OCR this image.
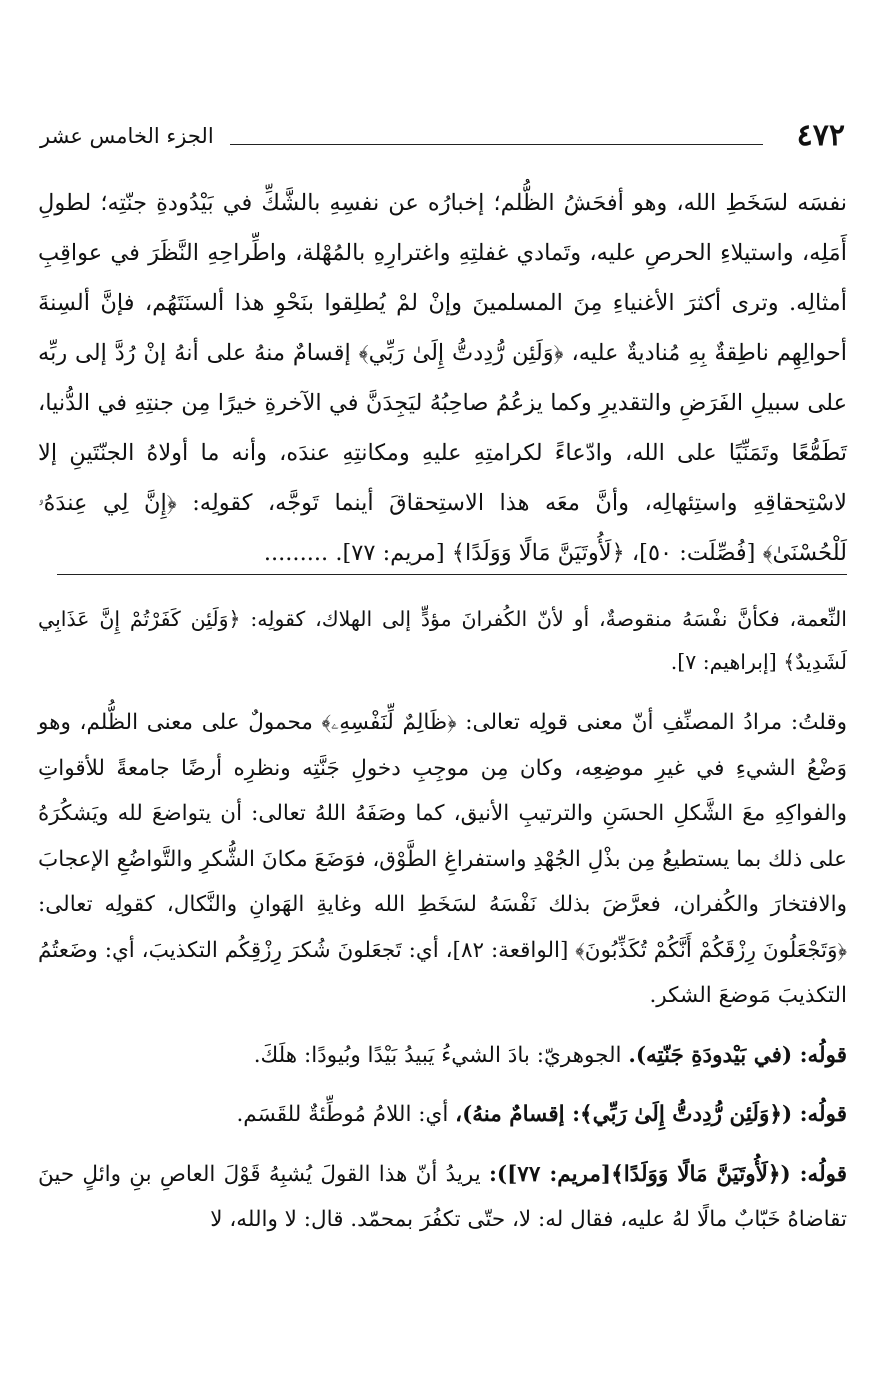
٤٧٢
الجزء الخامس عشر

نفسَه لسَخَطِ الله، وهو أفحَشُ الظُّلم؛ إخبارُه عن نفسِهِ بالشَّكِّ في بَيْدُودةِ جنّتِه؛ لطولِ أَمَلِه، واستيلاءِ الحرصِ عليه، وتَمادي غفلتِهِ واغترارِهِ بالمُهْلة، واطِّراحِهِ النَّظَرَ في عواقِبِ أمثالِه. وترى أكثرَ الأغنياءِ مِنَ المسلمينَ وإنْ لمْ يُطلِقوا بنَحْوِ هذا ألسنَتَهُم، فإنَّ ألسِنةَ أحوالِهِم ناطِقةٌ بِهِ مُناديةٌ عليه، ﴿وَلَئِن رُّدِدتُّ إِلَىٰ رَبِّي﴾ إقسامٌ منهُ على أنهُ إنْ رُدَّ إلى ربِّه على سبيلِ الفَرَضِ والتقديرِ وكما يزعُمُ صاحِبُهُ ليَجِدَنَّ في الآخرةِ خيرًا مِن جنتِهِ في الدُّنيا، تَطَمُّعًا وتَمَنِّيًا على الله، وادّعاءً لكرامتِهِ عليهِ ومكانتِهِ عندَه، وأنه ما أولاهُ الجنّتَينِ إلا لاسْتِحقاقِهِ واستِئهالِه، وأنَّ معَه هذا الاستِحقاقَ أينما تَوجَّه، كقولِه: ﴿إِنَّ لِي عِندَهُۥ لَلْحُسْنَىٰ﴾ [فُصِّلَت: ٥٠]، ﴿لَأُوتَيَنَّ مَالًا وَوَلَدًا﴾ [مريم: ٧٧]. .........

النِّعمة، فكأنَّ نفْسَهُ منقوصةٌ، أو لأنّ الكُفرانَ مؤدٍّ إلى الهلاك، كقولِه: ﴿وَلَئِن كَفَرْتُمْ إِنَّ عَذَابِي لَشَدِيدٌ﴾ [إبراهيم: ٧].

وقلتُ: مرادُ المصنِّفِ أنّ معنى قولِه تعالى: ﴿ظَالِمٌ لِّنَفْسِهِۦ﴾ محمولٌ على معنى الظُّلم، وهو وَضْعُ الشيءِ في غيرِ موضِعِه، وكان مِن موجِبِ دخولِ جَنَّتِه ونظرِه أرضًا جامعةً للأقواتِ والفواكِهِ معَ الشَّكلِ الحسَنِ والترتيبِ الأنيق، كما وصَفَهُ اللهُ تعالى: أن يتواضعَ لله ويَشكُرَهُ على ذلك بما يستطيعُ مِن بذْلِ الجُهْدِ واستفراغِ الطَّوْق، فوَضَعَ مكانَ الشُّكرِ والتَّواضُعِ الإعجابَ والافتخارَ والكُفران، فعرَّضَ بذلك نَفْسَهُ لسَخَطِ الله وغايةِ الهَوانِ والنَّكال، كقولِه تعالى: ﴿وَتَجْعَلُونَ رِزْقَكُمْ أَنَّكُمْ تُكَذِّبُونَ﴾ [الواقعة: ٨٢]، أي: تَجعَلونَ شُكرَ رِزْقِكُم التكذيبَ، أي: وضَعتُمُ التكذيبَ مَوضعَ الشكر.

قولُه: (في بَيْدودَةِ جَنّتِه). الجوهريّ: بادَ الشيءُ يَبيدُ بَيْدًا وبُيودًا: هلَكَ.

قولُه: (﴿وَلَئِن رُّدِدتُّ إِلَىٰ رَبِّي﴾: إقسامٌ منهُ)، أي: اللامُ مُوطِّئةٌ للقَسَم.

قولُه: (﴿لَأُوتَيَنَّ مَالًا وَوَلَدًا﴾[مريم: ٧٧]): يريدُ أنّ هذا القولَ يُشبِهُ قَوْلَ العاصِ بنِ وائلٍ حينَ تقاضاهُ خَبّابٌ مالًا لهُ عليه، فقال له: لا، حتّى تكفُرَ بمحمّد. قال: لا والله، لا
